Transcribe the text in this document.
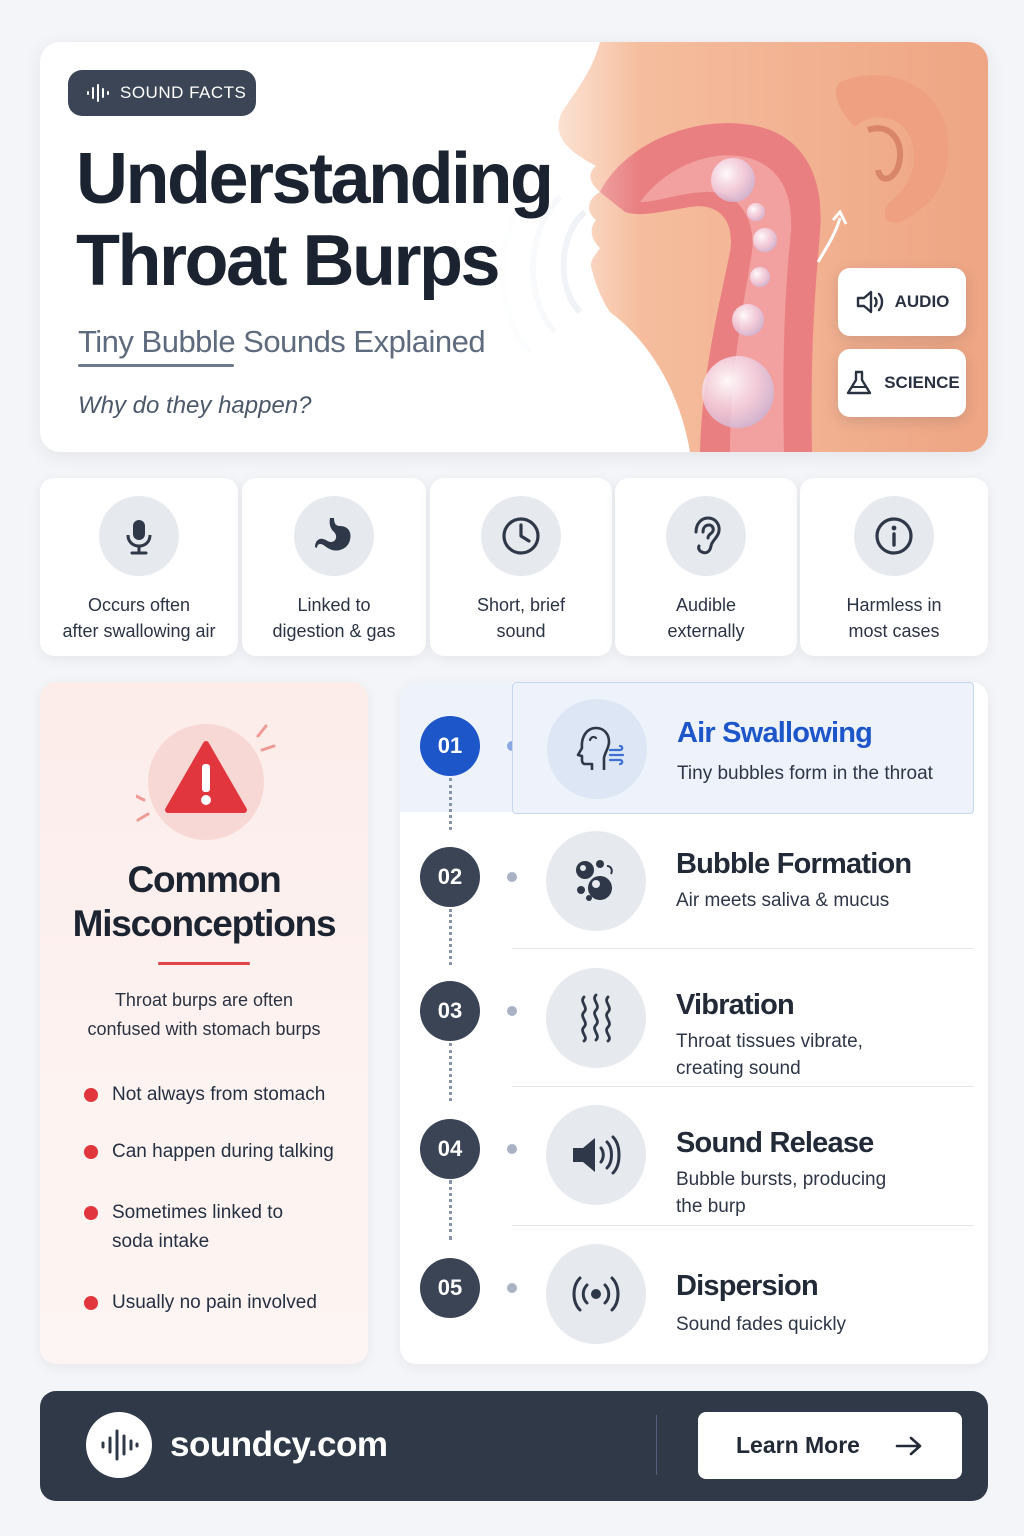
SOUND FACTS
Understanding
Throat Burps
Tiny Bubble Sounds Explained
Why do they happen?
AUDIO
SCIENCE
Occurs often
after swallowing air
Linked to
digestion & gas
Short, brief
sound
Audible
externally
Harmless in
most cases
Common
Misconceptions
Throat burps are often
confused with stomach burps
Not always from stomach
Can happen during talking
Sometimes linked to
soda intake
Usually no pain involved
01	Air Swallowing
Tiny bubbles form in the throat
02	Bubble Formation
Air meets saliva & mucus
03	Vibration
Throat tissues vibrate,
creating sound
04	Sound Release
Bubble bursts, producing
the burp
05	Dispersion
Sound fades quickly
soundcy.com	Learn More
